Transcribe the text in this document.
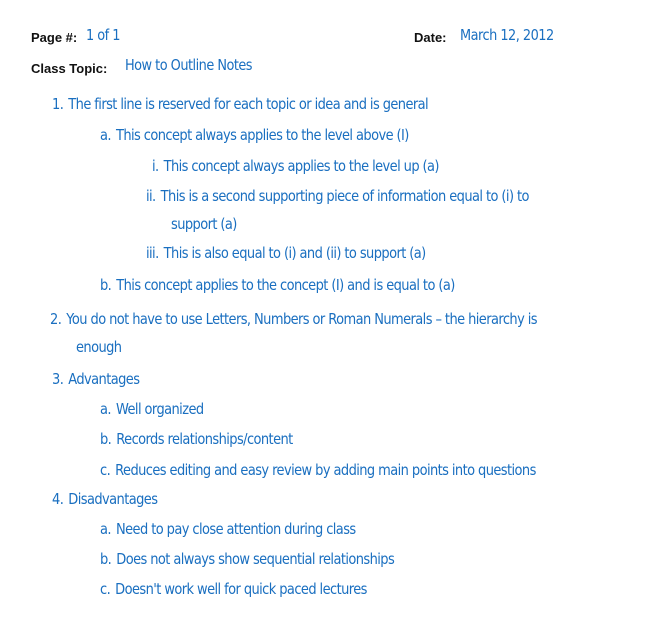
Page #: 1 of 1	Date: March 12, 2012
Class Topic: How to Outline Notes
1. The first line is reserved for each topic or idea and is general
a. This concept always applies to the level above (I)
i. This concept always applies to the level up (a)
ii. This is a second supporting piece of information equal to (i) to
support (a)
iii. This is also equal to (i) and (ii) to support (a)
b. This concept applies to the concept (I) and is equal to (a)
2. You do not have to use Letters, Numbers or Roman Numerals – the hierarchy is
enough
3. Advantages
a. Well organized
b. Records relationships/content
c. Reduces editing and easy review by adding main points into questions
4. Disadvantages
a. Need to pay close attention during class
b. Does not always show sequential relationships
c. Doesn't work well for quick paced lectures
